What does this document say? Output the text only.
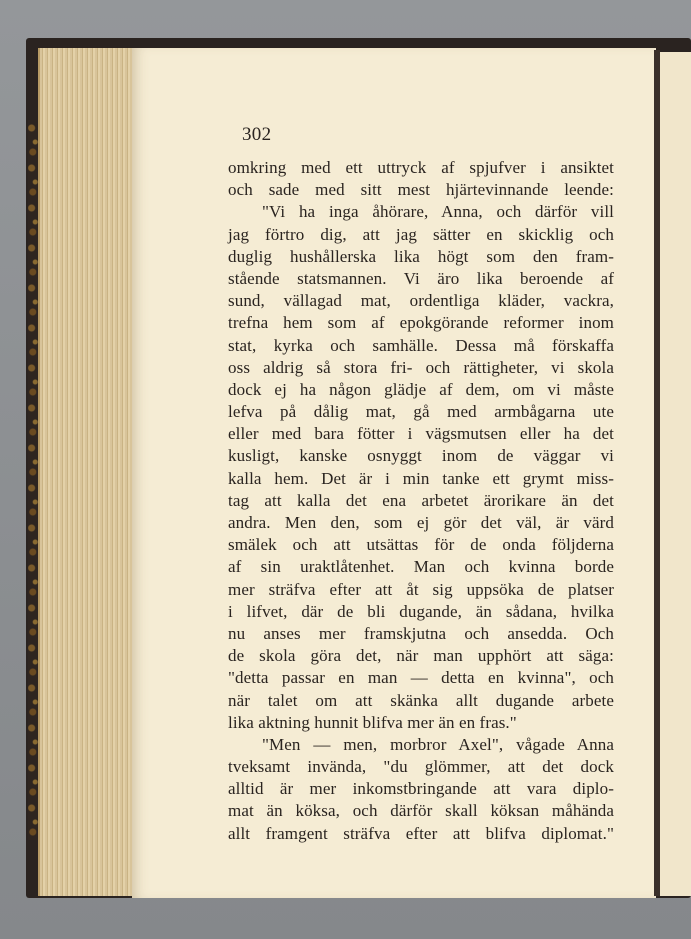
302
omkring med ett uttryck af spjufver i ansiktet
och sade med sitt mest hjärtevinnande leende:
"Vi ha inga åhörare, Anna, och därför vill
jag förtro dig, att jag sätter en skicklig och
duglig hushållerska lika högt som den fram-
stående statsmannen. Vi äro lika beroende af
sund, vällagad mat, ordentliga kläder, vackra,
trefna hem som af epokgörande reformer inom
stat, kyrka och samhälle. Dessa må förskaffa
oss aldrig så stora fri- och rättigheter, vi skola
dock ej ha någon glädje af dem, om vi måste
lefva på dålig mat, gå med armbågarna ute
eller med bara fötter i vägsmutsen eller ha det
kusligt, kanske osnyggt inom de väggar vi
kalla hem. Det är i min tanke ett grymt miss-
tag att kalla det ena arbetet ärorikare än det
andra. Men den, som ej gör det väl, är värd
smälek och att utsättas för de onda följderna
af sin uraktlåtenhet. Man och kvinna borde
mer sträfva efter att åt sig uppsöka de platser
i lifvet, där de bli dugande, än sådana, hvilka
nu anses mer framskjutna och ansedda. Och
de skola göra det, när man upphört att säga:
"detta passar en man — detta en kvinna", och
när talet om att skänka allt dugande arbete
lika aktning hunnit blifva mer än en fras."
"Men — men, morbror Axel", vågade Anna
tveksamt invända, "du glömmer, att det dock
alltid är mer inkomstbringande att vara diplo-
mat än köksa, och därför skall köksan måhända
allt framgent sträfva efter att blifva diplomat."
